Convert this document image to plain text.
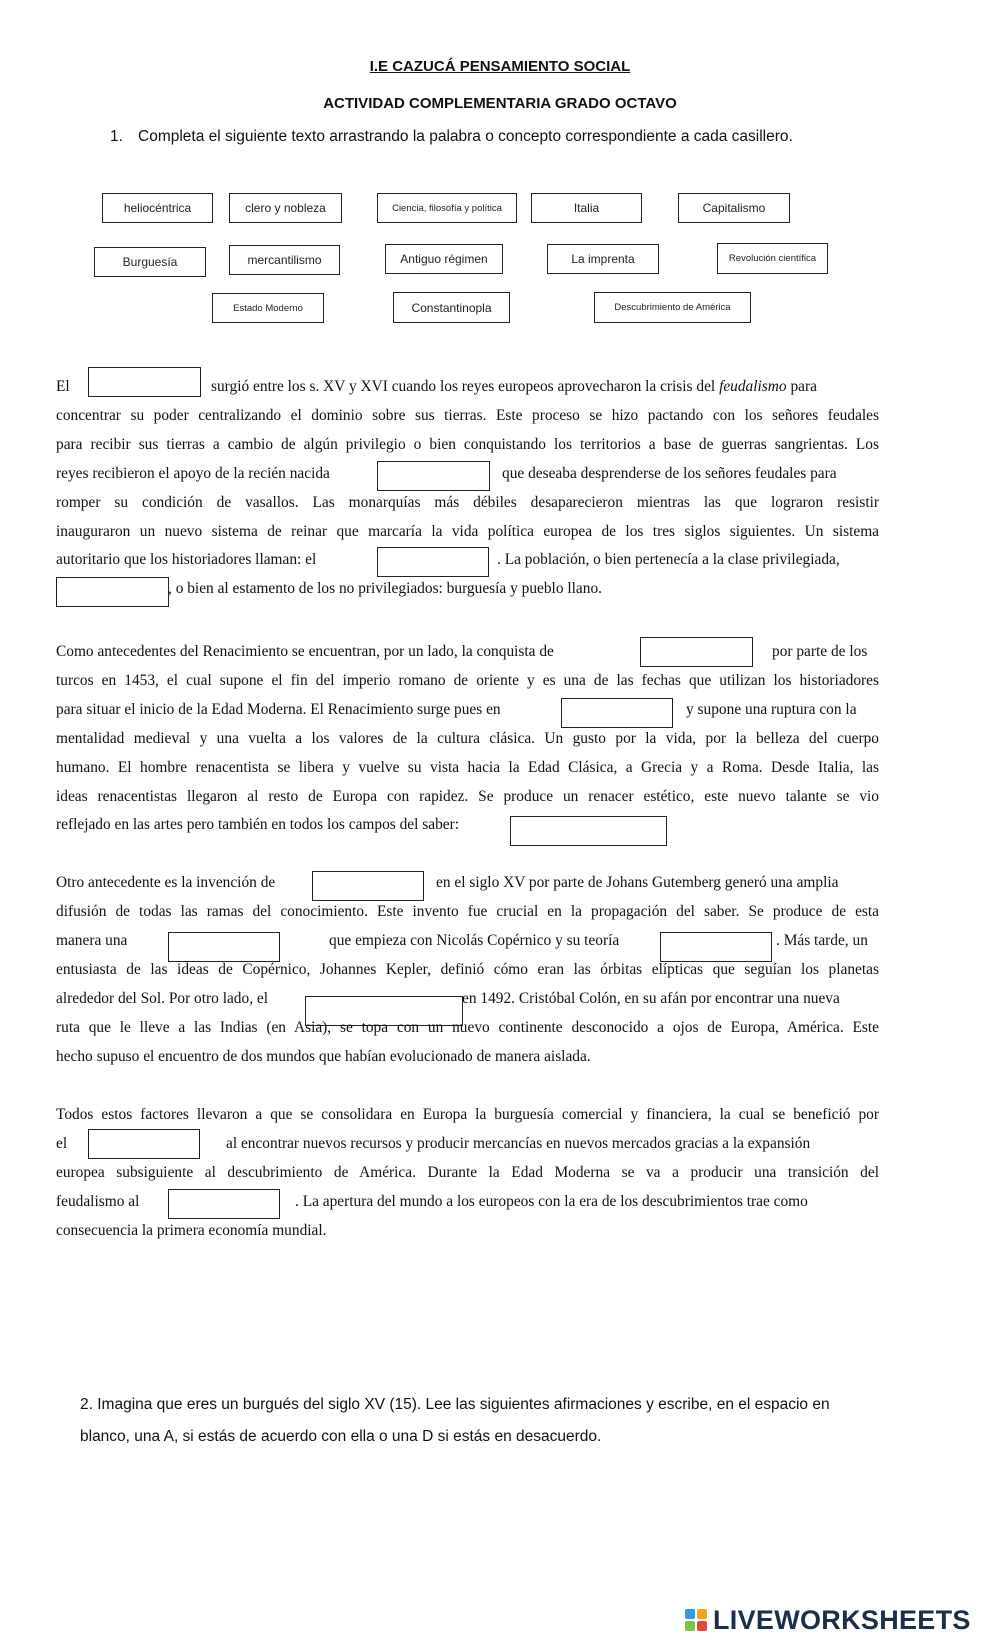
I.E CAZUCÁ PENSAMIENTO SOCIAL
ACTIVIDAD COMPLEMENTARIA GRADO OCTAVO
1. Completa el siguiente texto arrastrando la palabra o concepto correspondiente a cada casillero.
heliocéntrica	clero y nobleza	Ciencia, filosofía y política	Italia	Capitalismo
Burguesía	mercantilismo	Antiguo régimen	La imprenta	Revolución científica
Estado Moderno	Constantinopla	Descubrimiento de América
El	surgió entre los s. XV y XVI cuando los reyes europeos aprovecharon la crisis del feudalismo para
concentrar su poder centralizando el dominio sobre sus tierras. Este proceso se hizo pactando con los señores feudales
para recibir sus tierras a cambio de algún privilegio o bien conquistando los territorios a base de guerras sangrientas. Los
reyes recibieron el apoyo de la recién nacida	que deseaba desprenderse de los señores feudales para
romper su condición de vasallos. Las monarquías más débiles desaparecieron mientras las que lograron resistir
inauguraron un nuevo sistema de reinar que marcaría la vida política europea de los tres siglos siguientes. Un sistema
autoritario que los historiadores llaman: el	. La población, o bien pertenecía a la clase privilegiada,
, o bien al estamento de los no privilegiados: burguesía y pueblo llano.
Como antecedentes del Renacimiento se encuentran, por un lado, la conquista de	por parte de los
turcos en 1453, el cual supone el fin del imperio romano de oriente y es una de las fechas que utilizan los historiadores
para situar el inicio de la Edad Moderna. El Renacimiento surge pues en	y supone una ruptura con la
mentalidad medieval y una vuelta a los valores de la cultura clásica. Un gusto por la vida, por la belleza del cuerpo
humano. El hombre renacentista se libera y vuelve su vista hacia la Edad Clásica, a Grecia y a Roma. Desde Italia, las
ideas renacentistas llegaron al resto de Europa con rapidez. Se produce un renacer estético, este nuevo talante se vio
reflejado en las artes pero también en todos los campos del saber:
Otro antecedente es la invención de	en el siglo XV por parte de Johans Gutemberg generó una amplia
difusión de todas las ramas del conocimiento. Este invento fue crucial en la propagación del saber. Se produce de esta
manera una	que empieza con Nicolás Copérnico y su teoría	. Más tarde, un
entusiasta de las ideas de Copérnico, Johannes Kepler, definió cómo eran las órbitas elípticas que seguían los planetas
alrededor del Sol. Por otro lado, el	en 1492. Cristóbal Colón, en su afán por encontrar una nueva
ruta que le lleve a las Indias (en Asia), se topa con un nuevo continente desconocido a ojos de Europa, América. Este
hecho supuso el encuentro de dos mundos que habían evolucionado de manera aislada.
Todos estos factores llevaron a que se consolidara en Europa la burguesía comercial y financiera, la cual se benefició por
el	al encontrar nuevos recursos y producir mercancías en nuevos mercados gracias a la expansión
europea subsiguiente al descubrimiento de América. Durante la Edad Moderna se va a producir una transición del
feudalismo al	. La apertura del mundo a los europeos con la era de los descubrimientos trae como
consecuencia la primera economía mundial.
2. Imagina que eres un burgués del siglo XV (15). Lee las siguientes afirmaciones y escribe, en el espacio en
blanco, una A, si estás de acuerdo con ella o una D si estás en desacuerdo.
LIVEWORKSHEETS
